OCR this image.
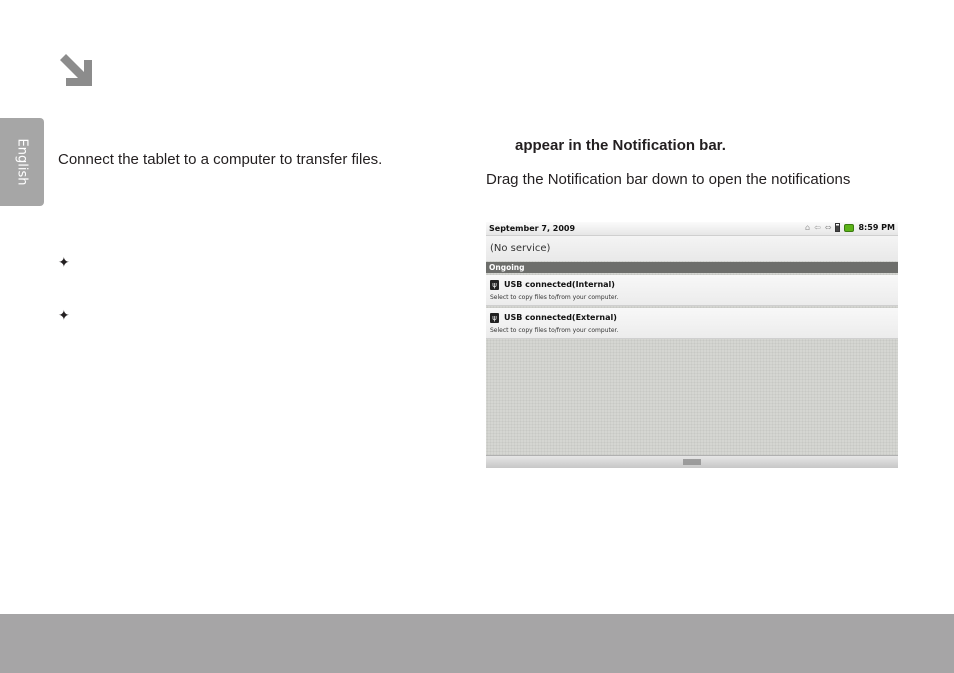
English Connect the tablet to a computer to transfer files.
✦
✦
appear in the Notification bar.
Drag the Notification bar down to open the notifications
September 7, 2009	⌂ ⇦ ⇔	8:59 PM
(No service)
Ongoing
ψ USB connected(Internal)
Select to copy files to/from your computer.
ψ USB connected(External)
Select to copy files to/from your computer.
